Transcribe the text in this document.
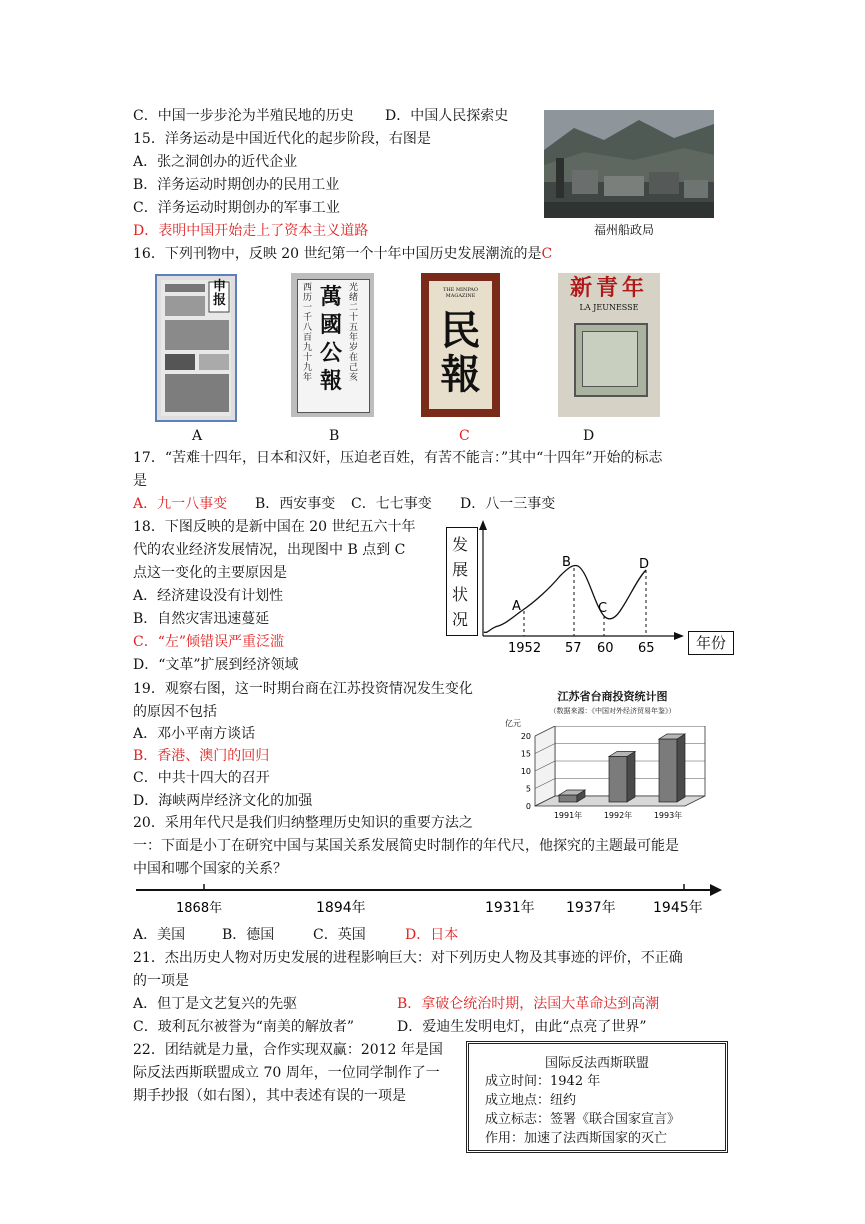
C．中国一步步沦为半殖民地的历史 D．中国人民探索史
15．洋务运动是中国近代化的起步阶段，右图是
A．张之洞创办的近代企业
B．洋务运动时期创办的民用工业
C．洋务运动时期创办的军事工业
D．表明中国开始走上了资本主义道路	福州船政局
16．下列刊物中，反映 20 世纪第一个十年中国历史发展潮流的是C
申报
光绪二十五年岁在己亥
西历一千八百九十九年
萬國公報
THE MINPAO MAGAZINE
民
報
新青年
LA JEUNESSE
A	B	C	D
17．“苦难十四年，日本和汉奸，压迫老百姓，有苦不能言：”其中“十四年”开始的标志
是
A．九一八事变 B．西安事变 C．七七事变 D．八一三事变
18．下图反映的是新中国在 20 世纪五六十年
代的农业经济发展情况，出现图中 B 点到 C
点这一变化的主要原因是
A．经济建设没有计划性
B．自然灾害迅速蔓延
C．“左”倾错误严重泛滥
D．“文革”扩展到经济领域
发
展
状
况
A
B
C
D
1952 57 60 65	年份
19．观察右图，这一时期台商在江苏投资情况发生变化
的原因不包括
A．邓小平南方谈话
B．香港、澳门的回归
C．中共十四大的召开
D．海峡两岸经济文化的加强
江苏省台商投资统计图
（数据来源：《中国对外经济贸易年鉴》）
亿元
0
5
10
15
20
1991年	1992年	1993年
20．采用年代尺是我们归纳整理历史知识的重要方法之
一：下面是小丁在研究中国与某国关系发展简史时制作的年代尺，他探究的主题最可能是
中国和哪个国家的关系？
1868年	1894年	1931年 1937年	1945年
A．美国	B．德国	C．英国	D．日本
21．杰出历史人物对历史发展的进程影响巨大：对下列历史人物及其事迹的评价，不正确
的一项是
A．但丁是文艺复兴的先驱	B．拿破仑统治时期，法国大革命达到高潮
C．玻利瓦尔被誉为“南美的解放者”	D．爱迪生发明电灯，由此“点亮了世界”
22．团结就是力量，合作实现双赢：2012 年是国
际反法西斯联盟成立 70 周年，一位同学制作了一
期手抄报（如右图），其中表述有误的一项是
国际反法西斯联盟
成立时间：1942 年
成立地点：纽约
成立标志：签署《联合国家宣言》
作用：加速了法西斯国家的灭亡
